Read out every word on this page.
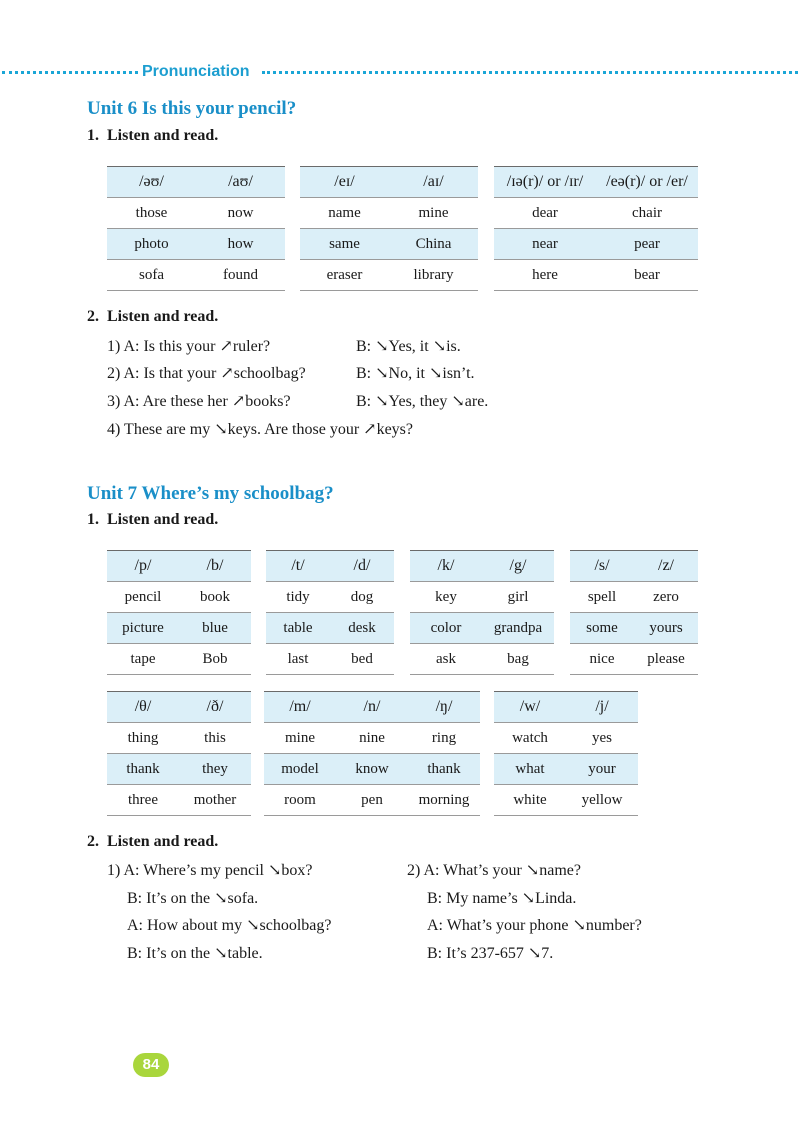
Pronunciation
Unit 6 Is this your pencil?
1. Listen and read.
/əʊ/	/aʊ/
those	now
photo	how
sofa	found
/eɪ/	/aɪ/
name	mine
same	China
eraser	library
/ɪə(r)/ or /ɪr/	/eə(r)/ or /er/
dear	chair
near	pear
here	bear
2. Listen and read.
1) A: Is this your ↗ruler?	B: ↘Yes, it ↘is.
2) A: Is that your ↗schoolbag?	B: ↘No, it ↘isn’t.
3) A: Are these her ↗books?	B: ↘Yes, they ↘are.
4) These are my ↘keys. Are those your ↗keys?
Unit 7 Where’s my schoolbag?
1. Listen and read.
/p/	/b/
pencil	book
picture	blue
tape	Bob
/t/	/d/
tidy	dog
table	desk
last	bed
/k/	/g/
key	girl
color	grandpa
ask	bag
/s/	/z/
spell	zero
some	yours
nice	please
/θ/	/ð/
thing	this
thank	they
three	mother
/m/	/n/	/ŋ/
mine	nine	ring
model	know	thank
room	pen	morning
/w/	/j/
watch	yes
what	your
white	yellow
2. Listen and read.
1) A: Where’s my pencil ↘box?
B: It’s on the ↘sofa.
A: How about my ↘schoolbag?
B: It’s on the ↘table.
2) A: What’s your ↘name?
B: My name’s ↘Linda.
A: What’s your phone ↘number?
B: It’s 237-657 ↘7.
84
